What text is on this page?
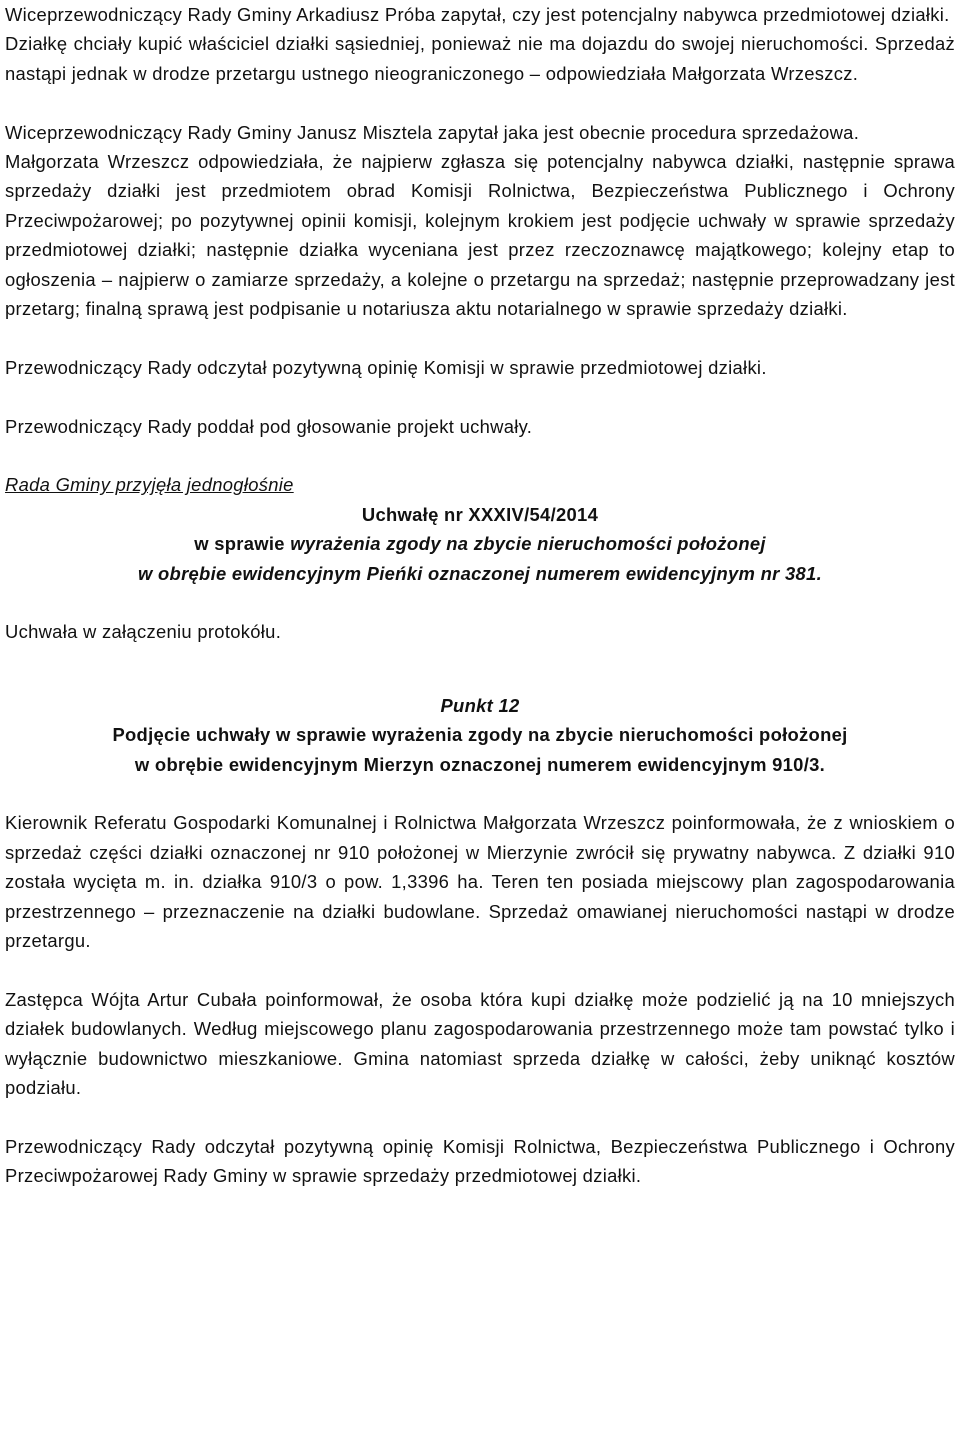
Wiceprzewodniczący Rady Gminy Arkadiusz Próba zapytał, czy jest potencjalny nabywca przedmiotowej działki.

Działkę chciały kupić właściciel działki sąsiedniej, ponieważ nie ma dojazdu do swojej nieruchomości. Sprzedaż nastąpi jednak w drodze przetargu ustnego nieograniczonego – odpowiedziała Małgorzata Wrzeszcz.

Wiceprzewodniczący Rady Gminy Janusz Misztela zapytał jaka jest obecnie procedura sprzedażowa.

Małgorzata Wrzeszcz odpowiedziała, że najpierw zgłasza się potencjalny nabywca działki, następnie sprawa sprzedaży działki jest przedmiotem obrad Komisji Rolnictwa, Bezpieczeństwa Publicznego i Ochrony Przeciwpożarowej; po pozytywnej opinii komisji, kolejnym krokiem jest podjęcie uchwały w sprawie sprzedaży przedmiotowej działki; następnie działka wyceniana jest przez rzeczoznawcę majątkowego; kolejny etap to ogłoszenia – najpierw o zamiarze sprzedaży, a kolejne o przetargu na sprzedaż; następnie przeprowadzany jest przetarg; finalną sprawą jest podpisanie u notariusza aktu notarialnego w sprawie sprzedaży działki.

Przewodniczący Rady odczytał pozytywną opinię Komisji w sprawie przedmiotowej działki.

Przewodniczący Rady poddał pod głosowanie projekt uchwały.

Rada Gminy przyjęła jednogłośnie

Uchwałę nr XXXIV/54/2014

w sprawie wyrażenia zgody na zbycie nieruchomości położonej

w obrębie ewidencyjnym Pieńki oznaczonej numerem ewidencyjnym nr 381.

Uchwała w załączeniu protokółu.

Punkt 12

Podjęcie uchwały w sprawie wyrażenia zgody na zbycie nieruchomości położonej

w obrębie ewidencyjnym Mierzyn oznaczonej numerem ewidencyjnym 910/3.

Kierownik Referatu Gospodarki Komunalnej i Rolnictwa Małgorzata Wrzeszcz poinformowała, że z wnioskiem o sprzedaż części działki oznaczonej nr 910 położonej w Mierzynie zwrócił się prywatny nabywca. Z działki 910 została wycięta m. in. działka 910/3 o pow. 1,3396 ha. Teren ten posiada miejscowy plan zagospodarowania przestrzennego – przeznaczenie na działki budowlane. Sprzedaż omawianej nieruchomości nastąpi w drodze przetargu.

Zastępca Wójta Artur Cubała poinformował, że osoba która kupi działkę może podzielić ją na 10 mniejszych działek budowlanych. Według miejscowego planu zagospodarowania przestrzennego może tam powstać tylko i wyłącznie budownictwo mieszkaniowe. Gmina natomiast sprzeda działkę w całości, żeby uniknąć kosztów podziału.

Przewodniczący Rady odczytał pozytywną opinię Komisji Rolnictwa, Bezpieczeństwa Publicznego i Ochrony Przeciwpożarowej Rady Gminy w sprawie sprzedaży przedmiotowej działki.
